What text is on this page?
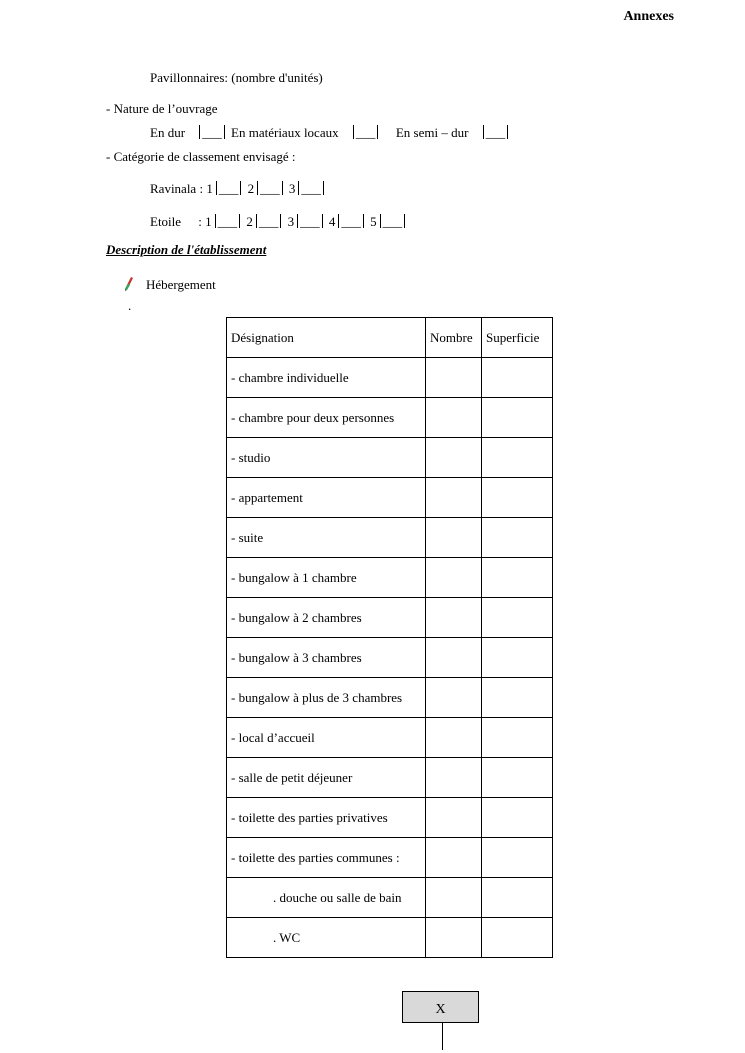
Annexes
Pavillonnaires: (nombre d'unités)
- Nature de l’ouvrage
En dur ___	En matériaux locaux ___	En semi – dur ___
- Catégorie de classement envisagé :
Ravinala : 1 ___	2 ___	3___
Etoile : 1 ___	2 ___	3 ___	4 ___	5___
Description de l'établissement
Hébergement
.
Désignation	Nombre	Superficie
- chambre individuelle		
- chambre pour deux personnes		
- studio		
- appartement		
- suite		
- bungalow à 1 chambre		
- bungalow à 2 chambres		
- bungalow à 3 chambres		
- bungalow à plus de 3 chambres		
- local d’accueil		
- salle de petit déjeuner		
- toilette des parties privatives		
- toilette des parties communes :		
. douche ou salle de bain		
. WC		
X
